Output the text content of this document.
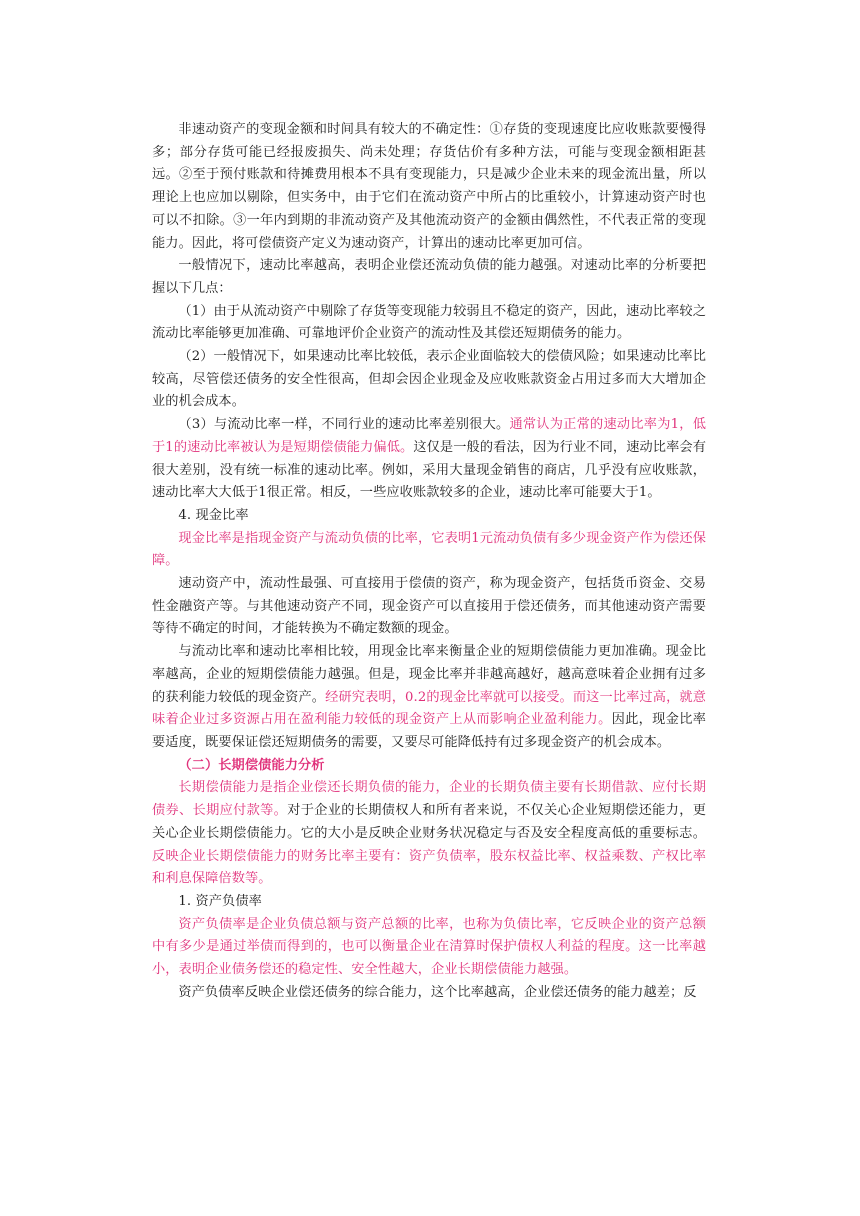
非速动资产的变现金额和时间具有较大的不确定性：①存货的变现速度比应收账款要慢得多；部分存货可能已经报废损失、尚未处理；存货估价有多种方法，可能与变现金额相距甚远。②至于预付账款和待摊费用根本不具有变现能力，只是减少企业未来的现金流出量，所以理论上也应加以剔除，但实务中，由于它们在流动资产中所占的比重较小，计算速动资产时也可以不扣除。③一年内到期的非流动资产及其他流动资产的金额由偶然性，不代表正常的变现能力。因此，将可偿债资产定义为速动资产，计算出的速动比率更加可信。

一般情况下，速动比率越高，表明企业偿还流动负债的能力越强。对速动比率的分析要把握以下几点：

（1）由于从流动资产中剔除了存货等变现能力较弱且不稳定的资产，因此，速动比率较之流动比率能够更加准确、可靠地评价企业资产的流动性及其偿还短期债务的能力。

（2）一般情况下，如果速动比率比较低，表示企业面临较大的偿债风险；如果速动比率比较高，尽管偿还债务的安全性很高，但却会因企业现金及应收账款资金占用过多而大大增加企业的机会成本。

（3）与流动比率一样，不同行业的速动比率差别很大。通常认为正常的速动比率为1，低于1的速动比率被认为是短期偿债能力偏低。这仅是一般的看法，因为行业不同，速动比率会有很大差别，没有统一标准的速动比率。例如，采用大量现金销售的商店，几乎没有应收账款，速动比率大大低于1很正常。相反，一些应收账款较多的企业，速动比率可能要大于1。

4. 现金比率

现金比率是指现金资产与流动负债的比率，它表明1元流动负债有多少现金资产作为偿还保障。

速动资产中，流动性最强、可直接用于偿债的资产，称为现金资产，包括货币资金、交易性金融资产等。与其他速动资产不同，现金资产可以直接用于偿还债务，而其他速动资产需要等待不确定的时间，才能转换为不确定数额的现金。

与流动比率和速动比率相比较，用现金比率来衡量企业的短期偿债能力更加准确。现金比率越高，企业的短期偿债能力越强。但是，现金比率并非越高越好，越高意味着企业拥有过多的获利能力较低的现金资产。经研究表明，0.2的现金比率就可以接受。而这一比率过高，就意味着企业过多资源占用在盈利能力较低的现金资产上从而影响企业盈利能力。因此，现金比率要适度，既要保证偿还短期债务的需要，又要尽可能降低持有过多现金资产的机会成本。

（二）长期偿债能力分析

长期偿债能力是指企业偿还长期负债的能力，企业的长期负债主要有长期借款、应付长期债券、长期应付款等。对于企业的长期债权人和所有者来说，不仅关心企业短期偿还能力，更关心企业长期偿债能力。它的大小是反映企业财务状况稳定与否及安全程度高低的重要标志。反映企业长期偿债能力的财务比率主要有：资产负债率，股东权益比率、权益乘数、产权比率和利息保障倍数等。

1. 资产负债率

资产负债率是企业负债总额与资产总额的比率，也称为负债比率，它反映企业的资产总额中有多少是通过举债而得到的，也可以衡量企业在清算时保护债权人利益的程度。这一比率越小，表明企业债务偿还的稳定性、安全性越大，企业长期偿债能力越强。

资产负债率反映企业偿还债务的综合能力，这个比率越高，企业偿还债务的能力越差；反
